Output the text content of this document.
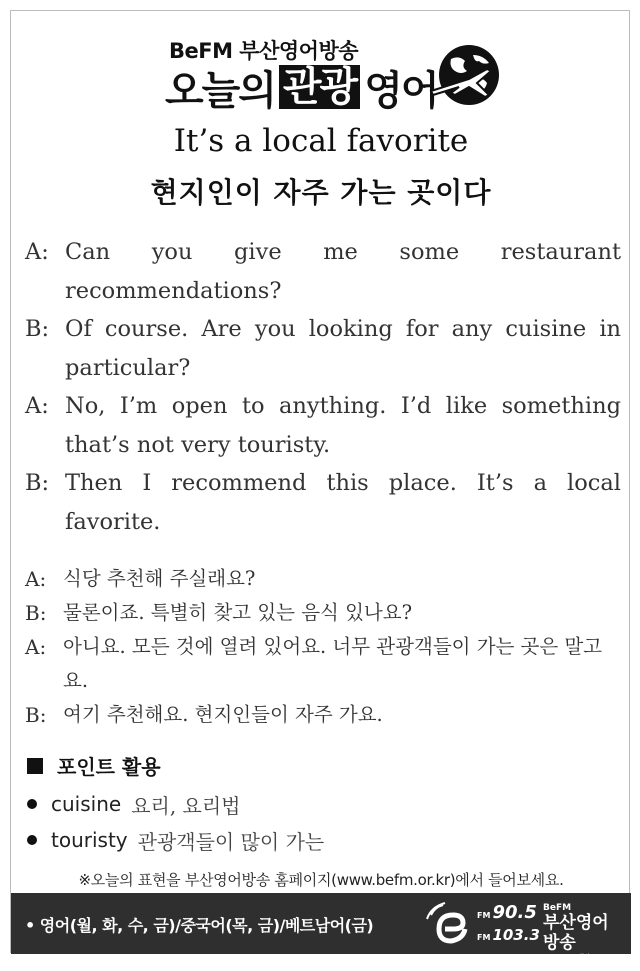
BeFM 부산영어방송
오늘의 관광 영어
It’s a local favorite
현지인이 자주 가는 곳이다
A: Can you give me some restaurant recommendations?
B: Of course. Are you looking for any cuisine in particular?
A: No, I’m open to anything. I’d like something that’s not very touristy.
B: Then I recommend this place. It’s a local favorite.
A: 식당 추천해 주실래요?
B: 물론이죠. 특별히 찾고 있는 음식 있나요?
A: 아니요. 모든 것에 열려 있어요. 너무 관광객들이 가는 곳은 말고요.
B: 여기 추천해요. 현지인들이 자주 가요.
포인트 활용
cuisine 요리, 요리법
touristy 관광객들이 많이 가는
※오늘의 표현을 부산영어방송 홈페이지(www.befm.or.kr)에서 들어보세요.
• 영어(월, 화, 수, 금)/중국어(목, 금)/베트남어(금)
FM 90.5
FM 103.3
BeFM
부산영어방송
Busan English Broadcasting
